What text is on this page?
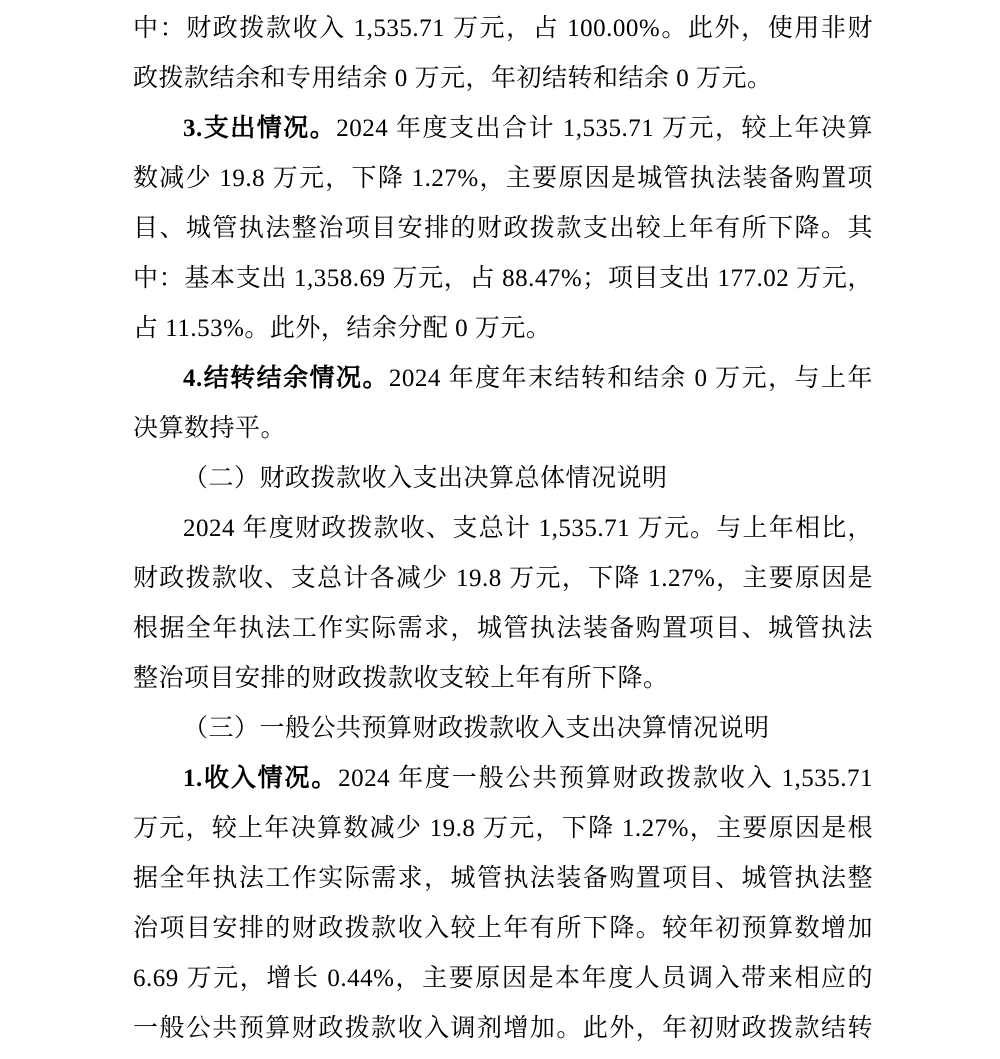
中：财政拨款收入 1,535.71 万元，占 100.00%。此外，使用非财
政拨款结余和专用结余 0 万元，年初结转和结余 0 万元。
3.支出情况。2024 年度支出合计 1,535.71 万元，较上年决算
数减少 19.8 万元，下降 1.27%，主要原因是城管执法装备购置项
目、城管执法整治项目安排的财政拨款支出较上年有所下降。其
中：基本支出 1,358.69 万元，占 88.47%；项目支出 177.02 万元，
占 11.53%。此外，结余分配 0 万元。
4.结转结余情况。2024 年度年末结转和结余 0 万元，与上年
决算数持平。
（二）财政拨款收入支出决算总体情况说明
2024 年度财政拨款收、支总计 1,535.71 万元。与上年相比，
财政拨款收、支总计各减少 19.8 万元，下降 1.27%，主要原因是
根据全年执法工作实际需求，城管执法装备购置项目、城管执法
整治项目安排的财政拨款收支较上年有所下降。
（三）一般公共预算财政拨款收入支出决算情况说明
1.收入情况。2024 年度一般公共预算财政拨款收入 1,535.71
万元，较上年决算数减少 19.8 万元，下降 1.27%，主要原因是根
据全年执法工作实际需求，城管执法装备购置项目、城管执法整
治项目安排的财政拨款收入较上年有所下降。较年初预算数增加
6.69 万元，增长 0.44%，主要原因是本年度人员调入带来相应的
一般公共预算财政拨款收入调剂增加。此外，年初财政拨款结转
